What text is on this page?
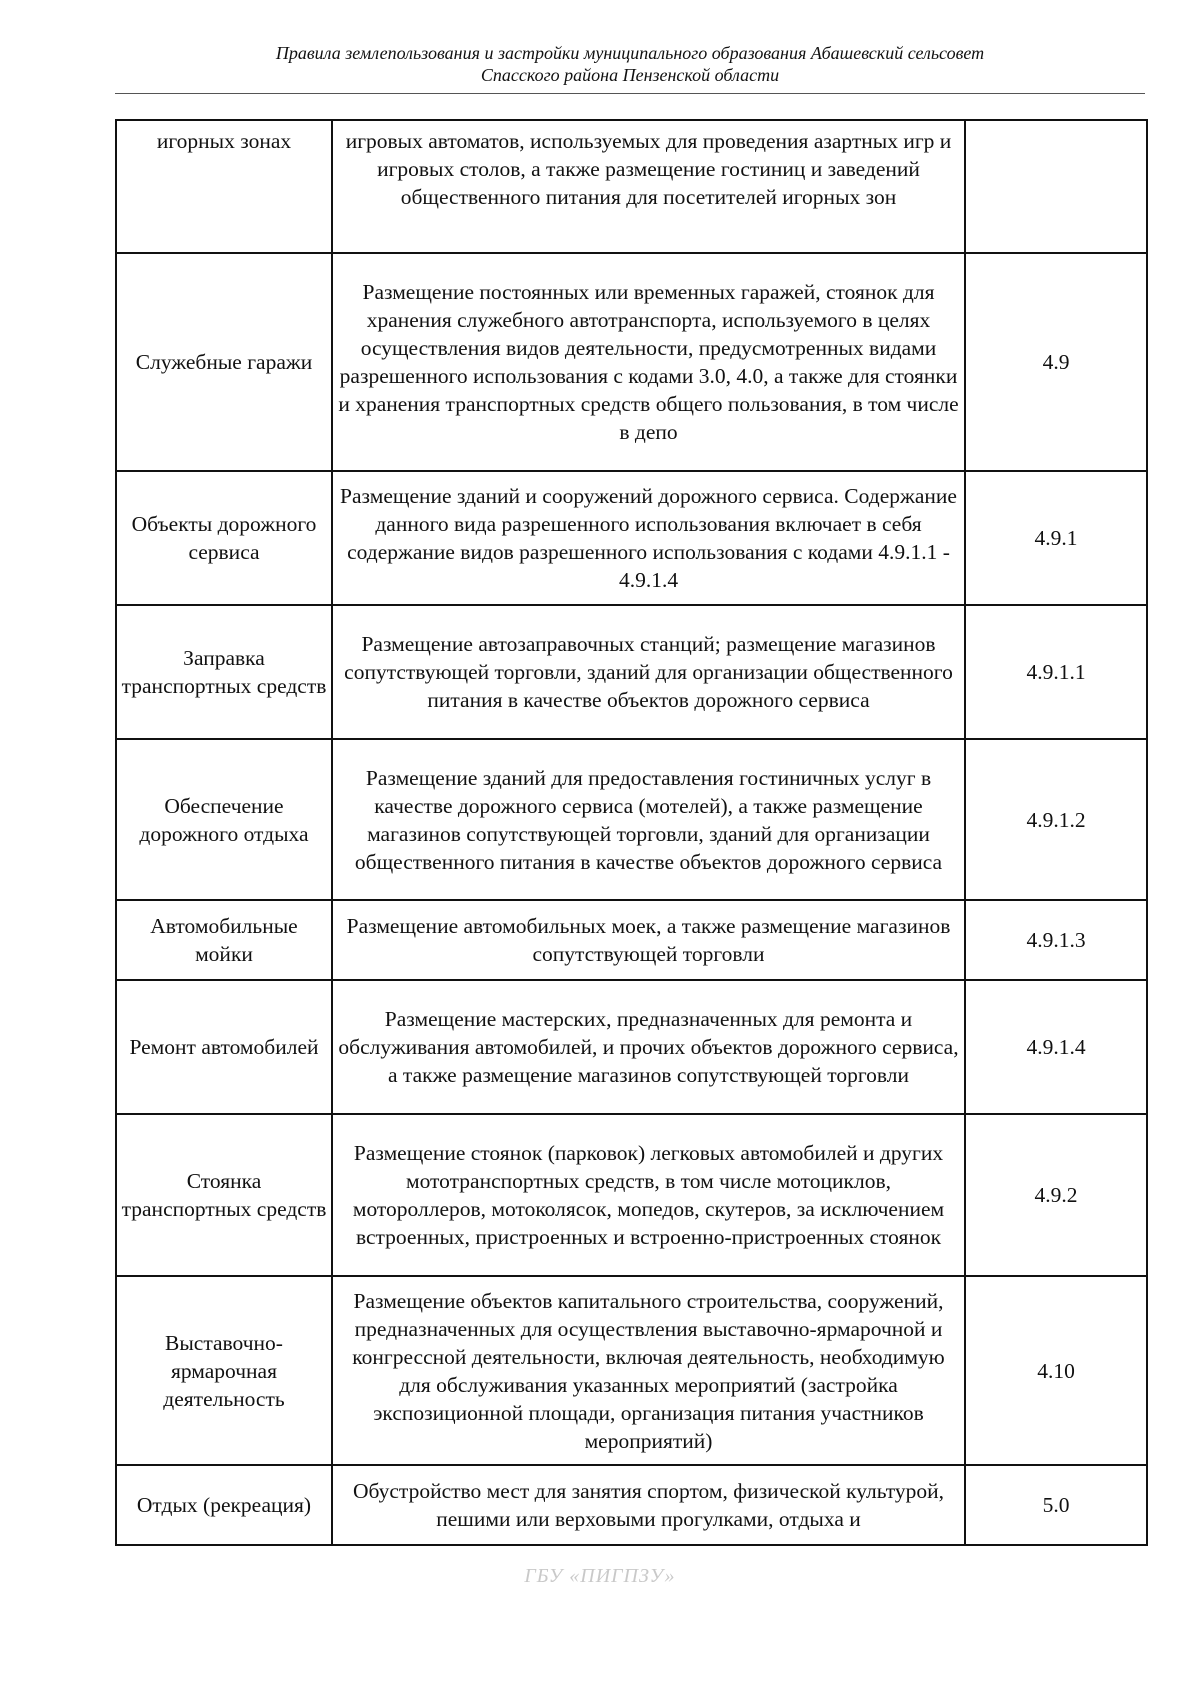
Правила землепользования и застройки муниципального образования Абашевский сельсовет
Спасского района Пензенской области
игорных зонах	игровых автоматов, используемых для проведения азартных игр и игровых столов, а также размещение гостиниц и заведений общественного питания для посетителей игорных зон	
Служебные гаражи	Размещение постоянных или временных гаражей, стоянок для хранения служебного автотранспорта, используемого в целях осуществления видов деятельности, предусмотренных видами разрешенного использования с кодами 3.0, 4.0, а также для стоянки и хранения транспортных средств общего пользования, в том числе в депо	4.9
Объекты дорожного сервиса	Размещение зданий и сооружений дорожного сервиса. Содержание данного вида разрешенного использования включает в себя содержание видов разрешенного использования с кодами 4.9.1.1 - 4.9.1.4	4.9.1
Заправка транспортных средств	Размещение автозаправочных станций; размещение магазинов сопутствующей торговли, зданий для организации общественного питания в качестве объектов дорожного сервиса	4.9.1.1
Обеспечение дорожного отдыха	Размещение зданий для предоставления гостиничных услуг в качестве дорожного сервиса (мотелей), а также размещение магазинов сопутствующей торговли, зданий для организации общественного питания в качестве объектов дорожного сервиса	4.9.1.2
Автомобильные мойки	Размещение автомобильных моек, а также размещение магазинов сопутствующей торговли	4.9.1.3
Ремонт автомобилей	Размещение мастерских, предназначенных для ремонта и обслуживания автомобилей, и прочих объектов дорожного сервиса, а также размещение магазинов сопутствующей торговли	4.9.1.4
Стоянка транспортных средств	Размещение стоянок (парковок) легковых автомобилей и других мототранспортных средств, в том числе мотоциклов, мотороллеров, мотоколясок, мопедов, скутеров, за исключением встроенных, пристроенных и встроенно-пристроенных стоянок	4.9.2
Выставочно-ярмарочная деятельность	Размещение объектов капитального строительства, сооружений, предназначенных для осуществления выставочно-ярмарочной и конгрессной деятельности, включая деятельность, необходимую для обслуживания указанных мероприятий (застройка экспозиционной площади, организация питания участников мероприятий)	4.10
Отдых (рекреация)	Обустройство мест для занятия спортом, физической культурой, пешими или верховыми прогулками, отдыха и	5.0
ГБУ «ПИГПЗУ»
